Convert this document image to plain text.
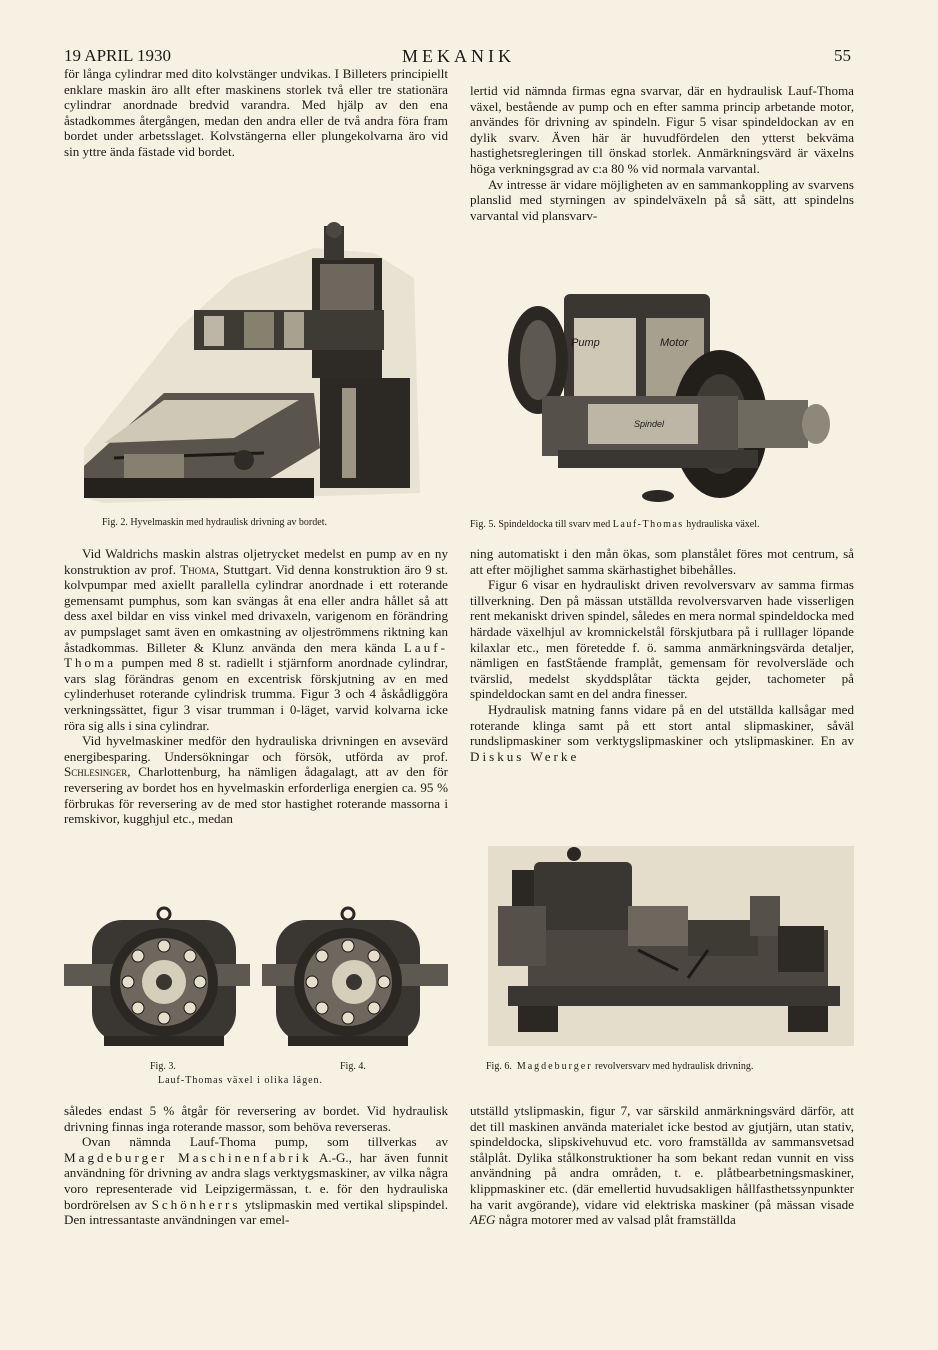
19 APRIL 1930	MEKANIK	55

för långa cylindrar med dito kolvstänger undvikas. I Billeters principiellt enklare maskin äro allt efter maskinens storlek två eller tre stationära cylindrar anordnade bredvid varandra. Med hjälp av den ena åstadkommes återgången, medan den andra eller de två andra föra fram bordet under arbetsslaget. Kolvstängerna eller plungekolvarna äro vid sin yttre ända fästade vid bordet.

lertid vid nämnda firmas egna svarvar, där en hydraulisk Lauf-Thoma växel, bestående av pump och en efter samma princip arbetande motor, användes för drivning av spindeln. Figur 5 visar spindeldockan av en dylik svarv. Även här är huvudfördelen den ytterst bekväma hastighetsregleringen till önskad storlek. Anmärkningsvärd är växelns höga verkningsgrad av c:a 80 % vid normala varvantal.

Av intresse är vidare möjligheten av en sammankoppling av svarvens planslid med styrningen av spindelväxeln på så sätt, att spindelns varvantal vid plansvarv-

Fig. 2. Hyvelmaskin med hydraulisk drivning av bordet.
Pump	Motor
Spindel
Fig. 5. Spindeldocka till svarv med Lauf-Thomas hydrauliska växel.

Vid Waldrichs maskin alstras oljetrycket medelst en pump av en ny konstruktion av prof. Thoma, Stuttgart. Vid denna konstruktion äro 9 st. kolvpumpar med axiellt parallella cylindrar anordnade i ett roterande gemensamt pumphus, som kan svängas åt ena eller andra hållet så att dess axel bildar en viss vinkel med drivaxeln, varigenom en förändring av pumpslaget samt även en omkastning av oljeströmmens riktning kan åstadkommas. Billeter & Klunz använda den mera kända Lauf-Thoma pumpen med 8 st. radiellt i stjärnform anordnade cylindrar, vars slag förändras genom en excentrisk förskjutning av en med cylinderhuset roterande cylindrisk trumma. Figur 3 och 4 åskådliggöra verkningssättet, figur 3 visar trumman i 0-läget, varvid kolvarna icke röra sig alls i sina cylindrar.

Vid hyvelmaskiner medför den hydrauliska drivningen en avsevärd energibesparing. Undersökningar och försök, utförda av prof. Schlesinger, Charlottenburg, ha nämligen ådagalagt, att av den för reversering av bordet hos en hyvelmaskin erforderliga energien ca. 95 % förbrukas för reversering av de med stor hastighet roterande massorna i remskivor, kugghjul etc., medan

ning automatiskt i den mån ökas, som planstålet föres mot centrum, så att efter möjlighet samma skärhastighet bibehålles.

Figur 6 visar en hydrauliskt driven revolversvarv av samma firmas tillverkning. Den på mässan utställda revolversvarven hade visserligen rent mekaniskt driven spindel, således en mera normal spindeldocka med härdade växelhjul av kromnickelstål förskjutbara på i rulllager löpande kilaxlar etc., men företedde f. ö. samma anmärkningsvärda detaljer, nämligen en fastStående framplåt, gemensam för revolversläde och tvärslid, medelst skyddsplåtar täckta gejder, tachometer på spindeldockan samt en del andra finesser.

Hydraulisk matning fanns vidare på en del utställda kallsågar med roterande klinga samt på ett stort antal slipmaskiner, såväl rundslipmaskiner som verktygslipmaskiner och ytslipmaskiner. En av Diskus Werke

Fig. 3.	Fig. 4.
Lauf-Thomas växel i olika lägen.
Fig. 6. Magdeburger revolversvarv med hydraulisk drivning.

således endast 5 % åtgår för reversering av bordet. Vid hydraulisk drivning finnas inga roterande massor, som behöva reverseras.

Ovan nämnda Lauf-Thoma pump, som tillverkas av Magdeburger Maschinenfabrik A.-G., har även funnit användning för drivning av andra slags verktygsmaskiner, av vilka några voro representerade vid Leipzigermässan, t. e. för den hydrauliska bordrörelsen av Schönherrs ytslipmaskin med vertikal slipspindel. Den intressantaste användningen var emel-

utställd ytslipmaskin, figur 7, var särskild anmärkningsvärd därför, att det till maskinen använda materialet icke bestod av gjutjärn, utan stativ, spindeldocka, slipskivehuvud etc. voro framställda av sammansvetsad stålplåt. Dylika stålkonstruktioner ha som bekant redan vunnit en viss användning på andra områden, t. e. plåtbearbetningsmaskiner, klippmaskiner etc. (där emellertid huvudsakligen hållfasthetssynpunkter ha varit avgörande), vidare vid elektriska maskiner (på mässan visade AEG några motorer med av valsad plåt framställda
